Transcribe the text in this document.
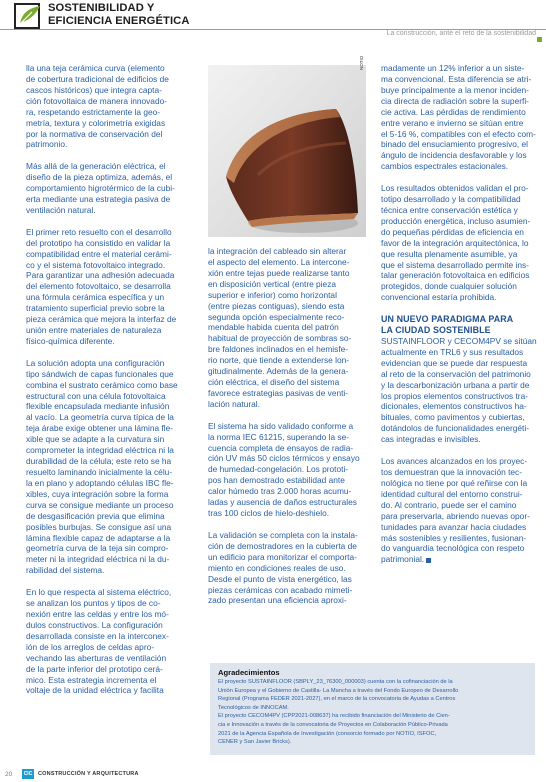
SOSTENIBILIDAD Y
EFICIENCIA ENERGÉTICA
La construcción, ante el reto de la sostenibilidad

lla una teja cerámica curva (elemento

de cobertura tradicional de edificios de

cascos históricos) que integra capta-

ción fotovoltaica de manera innovado-

ra, respetando estrictamente la geo-

metría, textura y colorimetría exigidas

por la normativa de conservación del

patrimonio.

Más allá de la generación eléctrica, el

diseño de la pieza optimiza, además, el

comportamiento higrotérmico de la cubi-

erta mediante una estrategia pasiva de

ventilación natural.

El primer reto resuelto con el desarrollo

del prototipo ha consistido en validar la

compatibilidad entre el material cerámi-

co y el sistema fotovoltaico integrado.

Para garantizar una adhesión adecuada

del elemento fotovoltaico, se desarrolla

una fórmula cerámica específica y un

tratamiento superficial previo sobre la

pieza cerámica que mejora la interfaz de

unión entre materiales de naturaleza

físico-química diferente.

La solución adopta una configuración

tipo sándwich de capas funcionales que

combina el sustrato cerámico como base

estructural con una célula fotovoltaica

flexible encapsulada mediante infusión

al vacío. La geometría curva típica de la

teja árabe exige obtener una lámina fle-

xible que se adapte a la curvatura sin

comprometer la integridad eléctrica ni la

durabilidad de la célula; este reto se ha

resuelto laminando inicialmente la célu-

la en plano y adoptando células IBC fle-

xibles, cuya integración sobre la forma

curva se consigue mediante un proceso

de desgasificación previa que elimina

posibles burbujas. Se consigue así una

lámina flexible capaz de adaptarse a la

geometría curva de la teja sin compro-

meter ni la integridad eléctrica ni la du-

rabilidad del sistema.

En lo que respecta al sistema eléctrico,

se analizan los puntos y tipos de co-

nexión entre las celdas y entre los mó-

dulos constructivos. La configuración

desarrollada consiste en la interconex-

ión de los arreglos de celdas apro-

vechando las aberturas de ventilación

de la parte inferior del prototipo cerá-

mico. Esta estrategia incrementa el

voltaje de la unidad eléctrica y facilita

NOTIO

la integración del cableado sin alterar

el aspecto del elemento. La intercone-

xión entre tejas puede realizarse tanto

en disposición vertical (entre pieza

superior e inferior) como horizontal

(entre piezas contiguas), siendo esta

segunda opción especialmente reco-

mendable habida cuenta del patrón

habitual de proyección de sombras so-

bre faldones inclinados en el hemisfe-

rio norte, que tiende a extenderse lon-

gitudinalmente. Además de la genera-

ción eléctrica, el diseño del sistema

favorece estrategias pasivas de venti-

lación natural.

El sistema ha sido validado conforme a

la norma IEC 61215, superando la se-

cuencia completa de ensayos de radia-

ción UV más 50 ciclos térmicos y ensayo

de humedad-congelación. Los prototi-

pos han demostrado estabilidad ante

calor húmedo tras 2.000 horas acumu-

ladas y ausencia de daños estructurales

tras 100 ciclos de hielo-deshielo.

La validación se completa con la instala-

ción de demostradores en la cubierta de

un edificio para monitorizar el comporta-

miento en condiciones reales de uso.

Desde el punto de vista energético, las

piezas cerámicas con acabado mimeti-

zado presentan una eficiencia aproxi-

madamente un 12% inferior a un siste-

ma convencional. Esta diferencia se atri-

buye principalmente a la menor inciden-

cia directa de radiación sobre la superfi-

cie activa. Las pérdidas de rendimiento

entre verano e invierno se sitúan entre

el 5-16 %, compatibles con el efecto com-

binado del ensuciamiento progresivo, el

ángulo de incidencia desfavorable y los

cambios espectrales estacionales.

Los resultados obtenidos validan el pro-

totipo desarrollado y la compatibilidad

técnica entre conservación estética y

producción energética, incluso asumien-

do pequeñas pérdidas de eficiencia en

favor de la integración arquitectónica, lo

que resulta plenamente asumible, ya

que el sistema desarrollado permite ins-

talar generación fotovoltaica en edificios

protegidos, donde cualquier solución

convencional estaría prohibida.

UN NUEVO PARADIGMA PARA
LA CIUDAD SOSTENIBLE

SUSTAINFLOOR y CECOM4PV se sitúan

actualmente en TRL6 y sus resultados

evidencian que se puede dar respuesta

al reto de la conservación del patrimonio

y la descarbonización urbana a partir de

los propios elementos constructivos tra-

dicionales, elementos constructivos ha-

bituales, como pavimentos y cubiertas,

dotándolos de funcionalidades energéti-

cas integradas e invisibles.

Los avances alcanzados en los proyec-

tos demuestran que la innovación tec-

nológica no tiene por qué reñirse con la

identidad cultural del entorno construi-

do. Al contrario, puede ser el camino

para preservarla, abriendo nuevas opor-

tunidades para avanzar hacia ciudades

más sostenibles y resilientes, fusionan-

do vanguardia tecnológica con respeto

patrimonial.

Agradecimientos

El proyecto SUSTAINFLOOR (SBPLY_23_76300_000003) cuenta con la cofinanciación de la

Unión Europea y el Gobierno de Castilla- La Mancha a través del Fondo Europeo de Desarrollo

Regional (Programa FEDER 2021-2027), en el marco de la convocatoria de Ayudas a Centros

Tecnológicos de INNOCAM.

El proyecto CECOM4PV (CPP2021-008637) ha recibido financiación del Ministerio de Cien-

cia e Innovación a través de la convocatoria de Proyectos en Colaboración Público-Privada

2021 de la Agencia Española de Investigación (consorcio formado por NOTIO, ISFOC,

CENER y San Javier Bricks).

20	CIC	CONSTRUCCIÓN Y ARQUITECTURA
